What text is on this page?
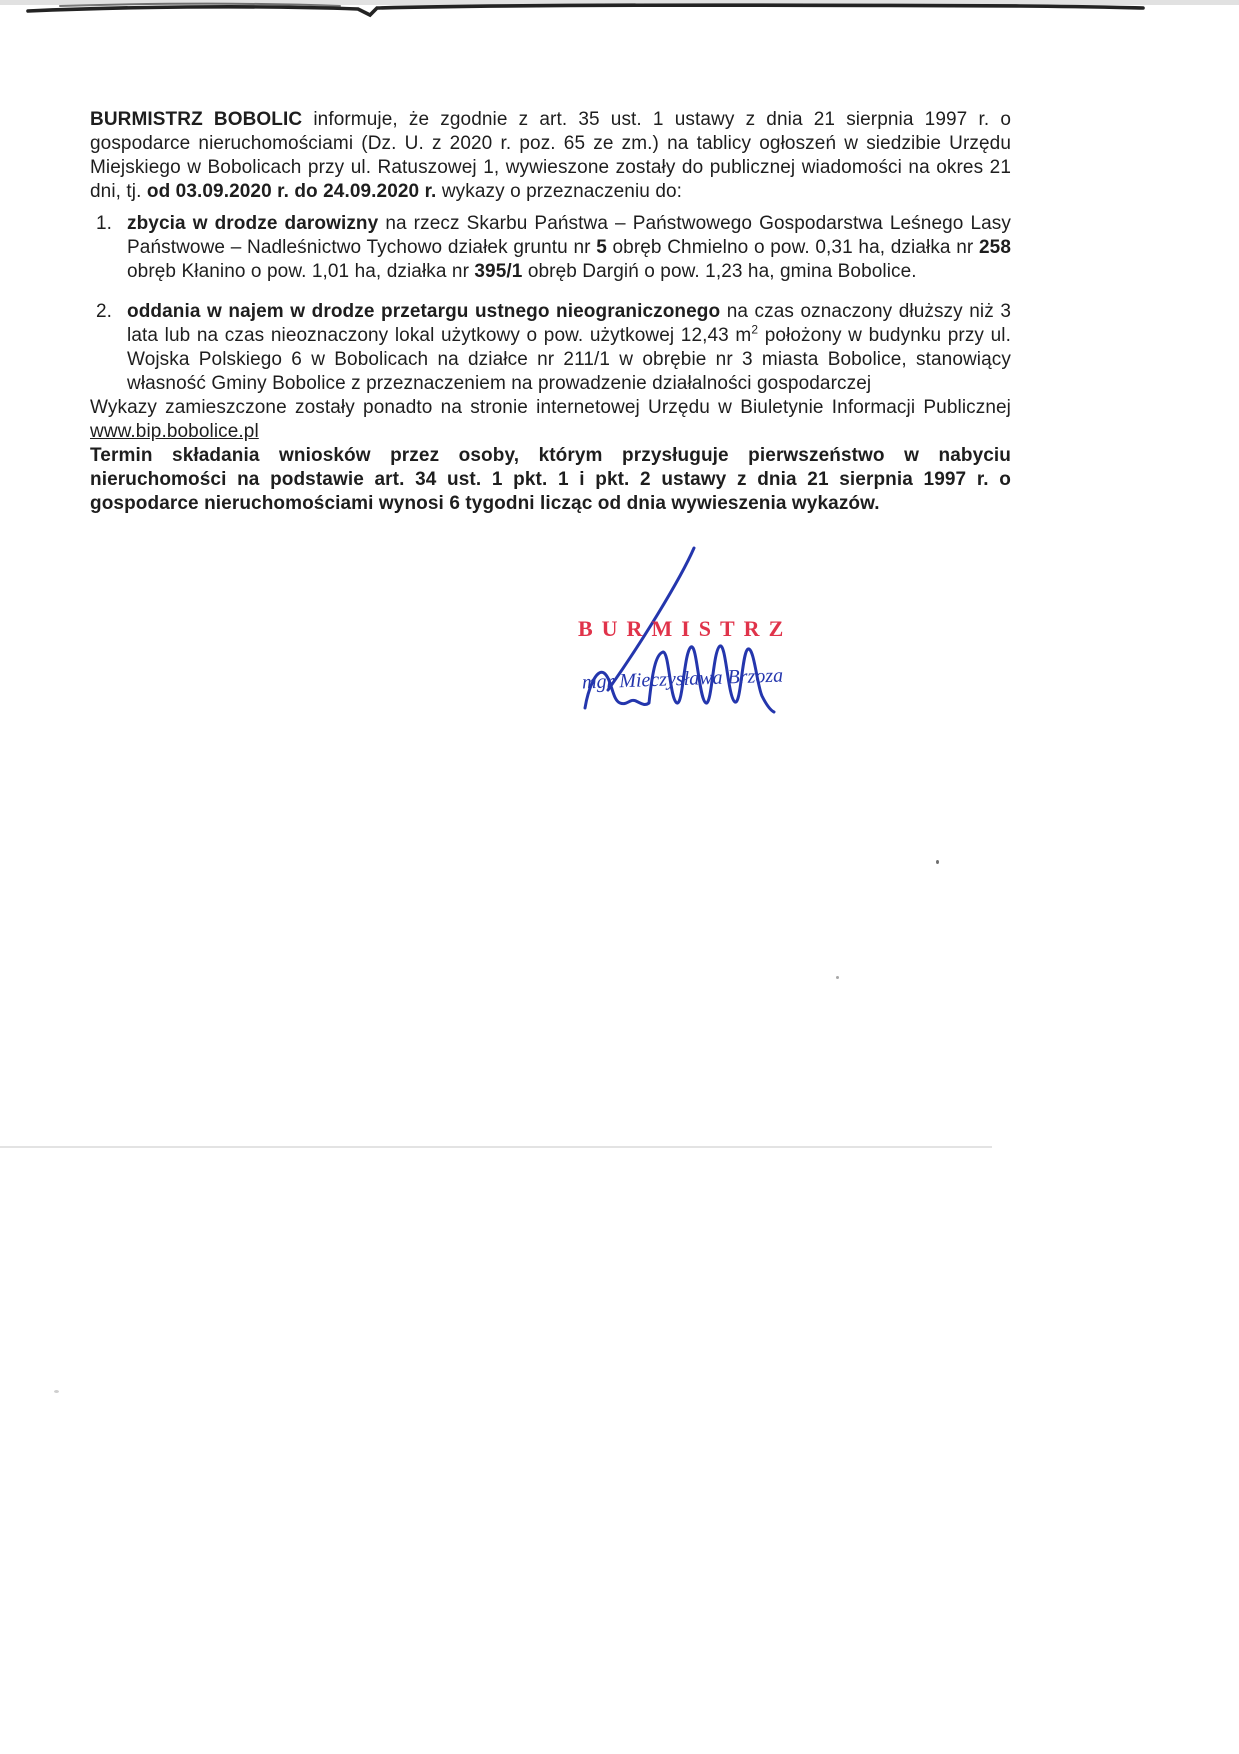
BURMISTRZ BOBOLIC informuje, że zgodnie z art. 35 ust. 1 ustawy z dnia 21 sierpnia 1997 r. o gospodarce nieruchomościami (Dz. U. z 2020 r. poz. 65 ze zm.) na tablicy ogłoszeń w siedzibie Urzędu Miejskiego w Bobolicach przy ul. Ratuszowej 1, wywieszone zostały do publicznej wiadomości na okres 21 dni, tj. od 03.09.2020 r. do 24.09.2020 r. wykazy o przeznaczeniu do:

1. zbycia w drodze darowizny na rzecz Skarbu Państwa – Państwowego Gospodarstwa Leśnego Lasy Państwowe – Nadleśnictwo Tychowo działek gruntu nr 5 obręb Chmielno o pow. 0,31 ha, działka nr 258 obręb Kłanino o pow. 1,01 ha, działka nr 395/1 obręb Dargiń o pow. 1,23 ha, gmina Bobolice.
2. oddania w najem w drodze przetargu ustnego nieograniczonego na czas oznaczony dłuższy niż 3 lata lub na czas nieoznaczony lokal użytkowy o pow. użytkowej 12,43 $m^2$ położony w budynku przy ul. Wojska Polskiego 6 w Bobolicach na działce nr 211/1 w obrębie nr 3 miasta Bobolice, stanowiący własność Gminy Bobolice z przeznaczeniem na prowadzenie działalności gospodarczej

Wykazy zamieszczone zostały ponadto na stronie internetowej Urzędu w Biuletynie Informacji Publicznej www.bip.bobolice.pl

Termin składania wniosków przez osoby, którym przysługuje pierwszeństwo w nabyciu nieruchomości na podstawie art. 34 ust. 1 pkt. 1 i pkt. 2 ustawy z dnia 21 sierpnia 1997 r. o gospodarce nieruchomościami wynosi 6 tygodni licząc od dnia wywieszenia wykazów.

BURMISTRZ
mgr Mieczysława Brzoza
